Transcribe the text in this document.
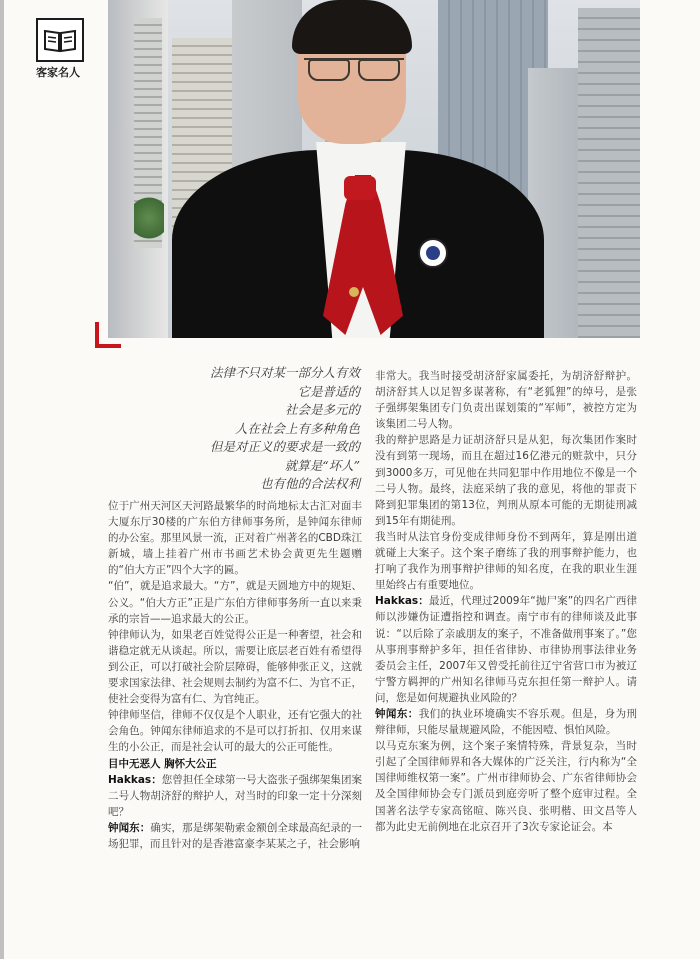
客家名人
法律不只对某一部分人有效
它是普适的
社会是多元的
人在社会上有多种角色
但是对正义的要求是一致的
就算是“坏人”
也有他的合法权利

位于广州天河区天河路最繁华的时尚地标太古汇对面丰大厦东厅30楼的广东伯方律师事务所，是钟闻东律师的办公室。那里风景一流，正对着广州著名的CBD珠江新城，墙上挂着广州市书画艺术协会黄更先生题赠的“伯大方正”四个大字的匾。

“伯”，就是追求最大。“方”，就是天圆地方中的规矩、公义。“伯大方正”正是广东伯方律师事务所一直以来秉承的宗旨——追求最大的公正。

钟律师认为，如果老百姓觉得公正是一种奢望，社会和谐稳定就无从谈起。所以，需要让底层老百姓有希望得到公正，可以打破社会阶层障碍，能够伸张正义，这就要求国家法律、社会规则去制约为富不仁、为官不正，使社会变得为富有仁、为官纯正。

钟律师坚信，律师不仅仅是个人职业，还有它强大的社会角色。钟闻东律师追求的不是可以打折扣、仅用来谋生的小公正，而是社会认可的最大的公正可能性。

目中无恶人 胸怀大公正

Hakkas：您曾担任全球第一号大盗张子强绑架集团案二号人物胡济舒的辩护人，对当时的印象一定十分深刻吧？

钟闻东：确实，那是绑架勒索金额创全球最高纪录的一场犯罪，而且针对的是香港富豪李某某之子，社会影响

非常大。我当时接受胡济舒家属委托，为胡济舒辩护。胡济舒其人以足智多谋著称，有“老狐狸”的绰号，是张子强绑架集团专门负责出谋划策的“军师”，被控方定为该集团二号人物。

我的辩护思路是力证胡济舒只是从犯，每次集团作案时没有到第一现场，而且在超过16亿港元的赃款中，只分到3000多万，可见他在共同犯罪中作用地位不像是一个二号人物。最终，法庭采纳了我的意见，将他的罪责下降到犯罪集团的第13位，判刑从原本可能的无期徒刑减到15年有期徒刑。

我当时从法官身份变成律师身份不到两年，算是刚出道就碰上大案子。这个案子磨练了我的刑事辩护能力，也打响了我作为刑事辩护律师的知名度，在我的职业生涯里始终占有重要地位。

Hakkas：最近，代理过2009年“抛尸案”的四名广西律师以涉嫌伪证遭指控和调查。南宁市有的律师谈及此事说：“以后除了亲戚朋友的案子，不准备做刑事案了。”您从事刑事辩护多年，担任省律协、市律协刑事法律业务委员会主任，2007年又曾受托前往辽宁省营口市为被辽宁警方羁押的广州知名律师马克东担任第一辩护人。请问，您是如何规避执业风险的？

钟闻东：我们的执业环境确实不容乐观。但是，身为刑辩律师，只能尽量规避风险，不能因噎、惧怕风险。

以马克东案为例，这个案子案情特殊，背景复杂，当时引起了全国律师界和各大媒体的广泛关注，行内称为“全国律师维权第一案”。广州市律师协会、广东省律师协会及全国律师协会专门派员到庭旁听了整个庭审过程。全国著名法学专家高铭暄、陈兴良、张明楷、田文昌等人都为此史无前例地在北京召开了3次专家论证会。本
